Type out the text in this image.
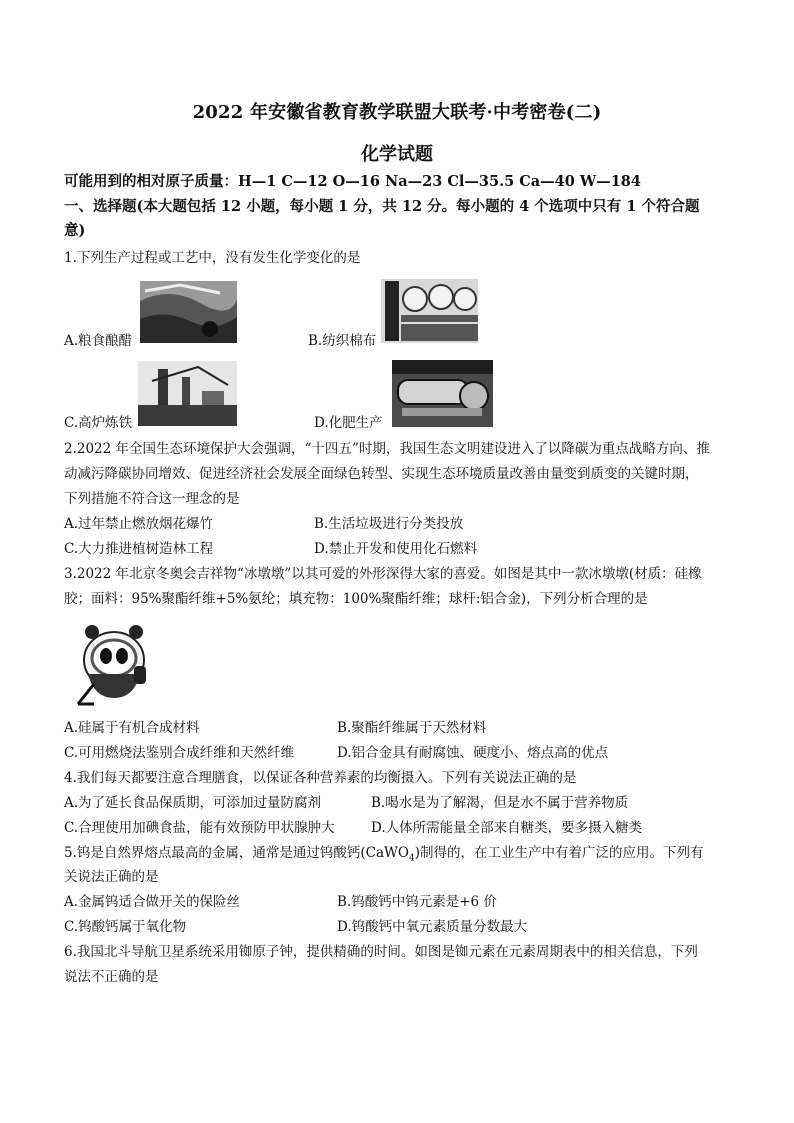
2022 年安徽省教育教学联盟大联考·中考密卷(二)
化学试题
可能用到的相对原子质量：H—1 C—12 O—16 Na—23 Cl—35.5 Ca—40 W—184
一、选择题(本大题包括 12 小题，每小题 1 分，共 12 分。每小题的 4 个选项中只有 1 个符合题
意)
1.下列生产过程或工艺中，没有发生化学变化的是
A.粮食酿醋	B.纺织棉布
C.高炉炼铁	D.化肥生产
2.2022 年全国生态环境保护大会强调，“十四五”时期，我国生态文明建设进入了以降碳为重点战略方向、推
动减污降碳协同增效、促进经济社会发展全面绿色转型、实现生态环境质量改善由量变到质变的关键时期，
下列措施不符合这一理念的是
A.过年禁止燃放烟花爆竹	B.生活垃圾进行分类投放
C.大力推进植树造林工程	D.禁止开发和使用化石燃料
3.2022 年北京冬奥会吉祥物“冰墩墩”以其可爱的外形深得大家的喜爱。如图是其中一款冰墩墩(材质：硅橡
胶；面料：95%聚酯纤维+5%氨纶；填充物：100%聚酯纤维；球杆:铝合金)，下列分析合理的是
A.硅属于有机合成材料	B.聚酯纤维属于天然材料
C.可用燃烧法鉴别合成纤维和天然纤维	D.铝合金具有耐腐蚀、硬度小、熔点高的优点
4.我们每天都要注意合理膳食，以保证各种营养素的均衡摄入。下列有关说法正确的是
A.为了延长食品保质期，可添加过量防腐剂	B.喝水是为了解渴，但是水不属于营养物质
C.合理使用加碘食盐，能有效预防甲状腺肿大	D.人体所需能量全部来自糖类，要多摄入糖类
5.钨是自然界熔点最高的金属，通常是通过钨酸钙(CaWO$_4$)制得的，在工业生产中有着广泛的应用。下列有
关说法正确的是
A.金属钨适合做开关的保险丝	B.钨酸钙中钨元素是+6 价
C.钨酸钙属于氧化物	D.钨酸钙中氧元素质量分数最大
6.我国北斗导航卫星系统采用铷原子钟，提供精确的时间。如图是铷元素在元素周期表中的相关信息，下列
说法不正确的是
